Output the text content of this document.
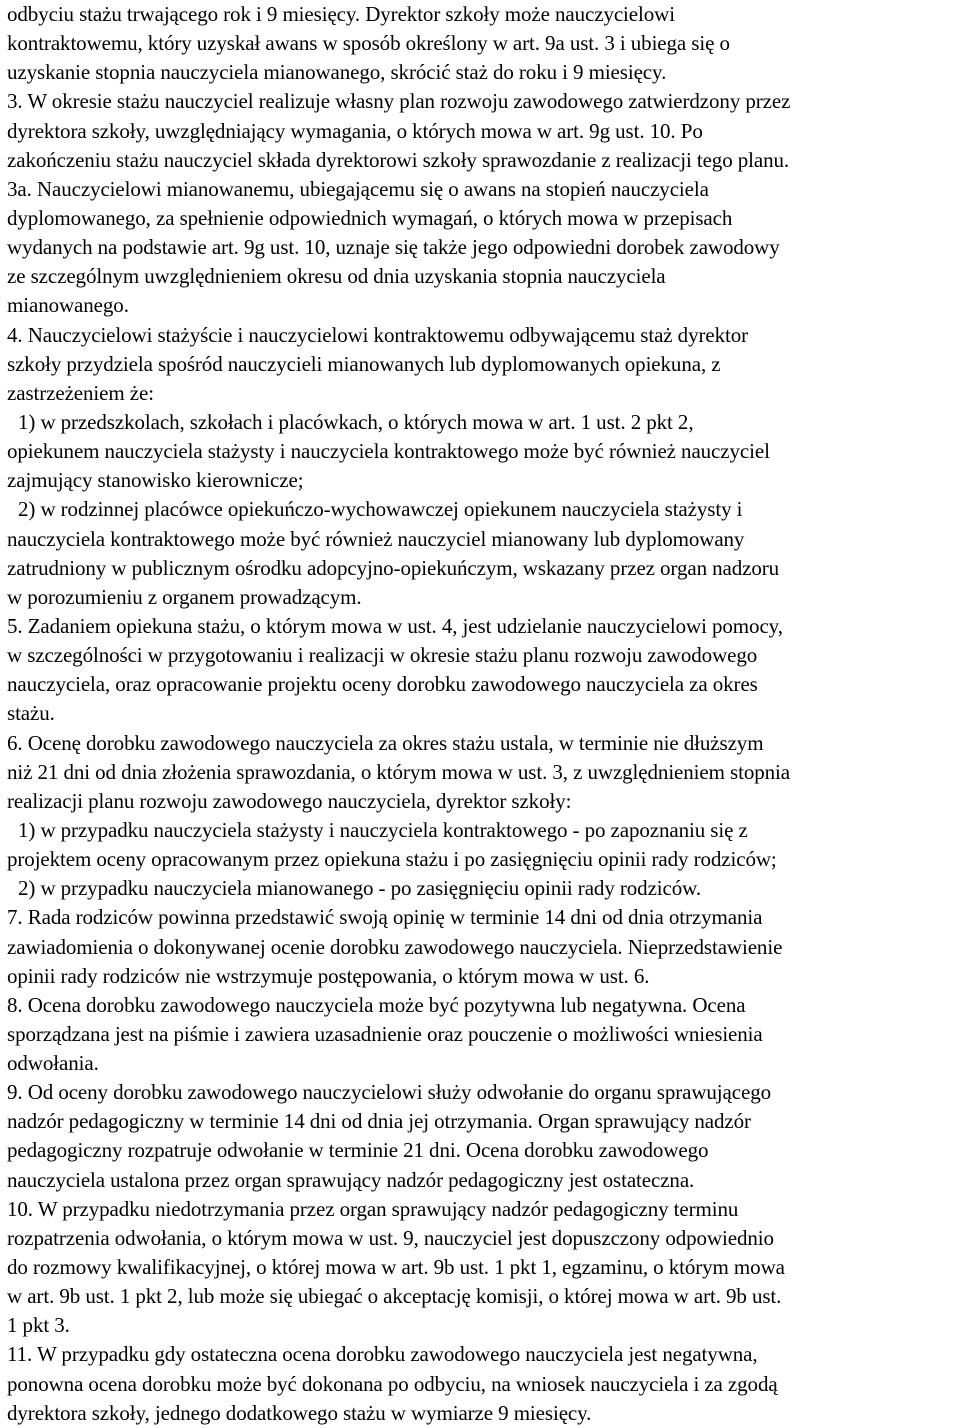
odbyciu stażu trwającego rok i 9 miesięcy. Dyrektor szkoły może nauczycielowi
kontraktowemu, który uzyskał awans w sposób określony w art. 9a ust. 3 i ubiega się o
uzyskanie stopnia nauczyciela mianowanego, skrócić staż do roku i 9 miesięcy.
3. W okresie stażu nauczyciel realizuje własny plan rozwoju zawodowego zatwierdzony przez
dyrektora szkoły, uwzględniający wymagania, o których mowa w art. 9g ust. 10. Po
zakończeniu stażu nauczyciel składa dyrektorowi szkoły sprawozdanie z realizacji tego planu.
3a. Nauczycielowi mianowanemu, ubiegającemu się o awans na stopień nauczyciela
dyplomowanego, za spełnienie odpowiednich wymagań, o których mowa w przepisach
wydanych na podstawie art. 9g ust. 10, uznaje się także jego odpowiedni dorobek zawodowy
ze szczególnym uwzględnieniem okresu od dnia uzyskania stopnia nauczyciela
mianowanego.
4. Nauczycielowi stażyście i nauczycielowi kontraktowemu odbywającemu staż dyrektor
szkoły przydziela spośród nauczycieli mianowanych lub dyplomowanych opiekuna, z
zastrzeżeniem że:
1) w przedszkolach, szkołach i placówkach, o których mowa w art. 1 ust. 2 pkt 2,
opiekunem nauczyciela stażysty i nauczyciela kontraktowego może być również nauczyciel
zajmujący stanowisko kierownicze;
2) w rodzinnej placówce opiekuńczo-wychowawczej opiekunem nauczyciela stażysty i
nauczyciela kontraktowego może być również nauczyciel mianowany lub dyplomowany
zatrudniony w publicznym ośrodku adopcyjno-opiekuńczym, wskazany przez organ nadzoru
w porozumieniu z organem prowadzącym.
5. Zadaniem opiekuna stażu, o którym mowa w ust. 4, jest udzielanie nauczycielowi pomocy,
w szczególności w przygotowaniu i realizacji w okresie stażu planu rozwoju zawodowego
nauczyciela, oraz opracowanie projektu oceny dorobku zawodowego nauczyciela za okres
stażu.
6. Ocenę dorobku zawodowego nauczyciela za okres stażu ustala, w terminie nie dłuższym
niż 21 dni od dnia złożenia sprawozdania, o którym mowa w ust. 3, z uwzględnieniem stopnia
realizacji planu rozwoju zawodowego nauczyciela, dyrektor szkoły:
1) w przypadku nauczyciela stażysty i nauczyciela kontraktowego - po zapoznaniu się z
projektem oceny opracowanym przez opiekuna stażu i po zasięgnięciu opinii rady rodziców;
2) w przypadku nauczyciela mianowanego - po zasięgnięciu opinii rady rodziców.
7. Rada rodziców powinna przedstawić swoją opinię w terminie 14 dni od dnia otrzymania
zawiadomienia o dokonywanej ocenie dorobku zawodowego nauczyciela. Nieprzedstawienie
opinii rady rodziców nie wstrzymuje postępowania, o którym mowa w ust. 6.
8. Ocena dorobku zawodowego nauczyciela może być pozytywna lub negatywna. Ocena
sporządzana jest na piśmie i zawiera uzasadnienie oraz pouczenie o możliwości wniesienia
odwołania.
9. Od oceny dorobku zawodowego nauczycielowi służy odwołanie do organu sprawującego
nadzór pedagogiczny w terminie 14 dni od dnia jej otrzymania. Organ sprawujący nadzór
pedagogiczny rozpatruje odwołanie w terminie 21 dni. Ocena dorobku zawodowego
nauczyciela ustalona przez organ sprawujący nadzór pedagogiczny jest ostateczna.
10. W przypadku niedotrzymania przez organ sprawujący nadzór pedagogiczny terminu
rozpatrzenia odwołania, o którym mowa w ust. 9, nauczyciel jest dopuszczony odpowiednio
do rozmowy kwalifikacyjnej, o której mowa w art. 9b ust. 1 pkt 1, egzaminu, o którym mowa
w art. 9b ust. 1 pkt 2, lub może się ubiegać o akceptację komisji, o której mowa w art. 9b ust.
1 pkt 3.
11. W przypadku gdy ostateczna ocena dorobku zawodowego nauczyciela jest negatywna,
ponowna ocena dorobku może być dokonana po odbyciu, na wniosek nauczyciela i za zgodą
dyrektora szkoły, jednego dodatkowego stażu w wymiarze 9 miesięcy.
